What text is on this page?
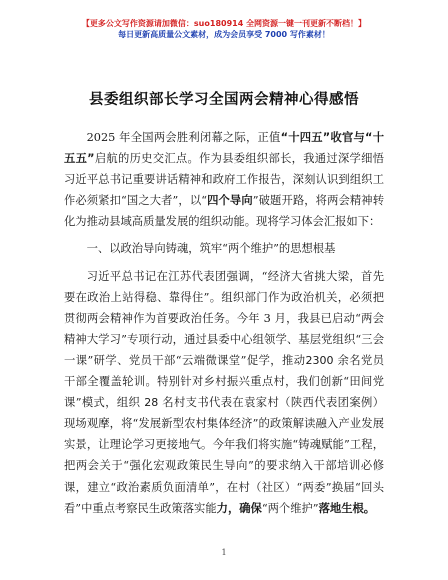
【更多公文写作资源请加微信：suo180914 全网资源一键一刊更新不断档！】
每日更新高质量公文素材，成为会员享受 7000 写作素材！
县委组织部长学习全国两会精神心得感悟

2025 年全国两会胜利闭幕之际，正值“十四五”收官与“十五五”启航的历史交汇点。作为县委组织部长，我通过深学细悟习近平总书记重要讲话精神和政府工作报告，深刻认识到组织工作必须紧扣“国之大者”，以“四个导向”破题开路，将两会精神转化为推动县域高质量发展的组织动能。现将学习体会汇报如下：

一、以政治导向铸魂，筑牢“两个维护”的思想根基

习近平总书记在江苏代表团强调，“经济大省挑大梁，首先要在政治上站得稳、靠得住”。组织部门作为政治机关，必须把贯彻两会精神作为首要政治任务。今年 3 月，我县已启动“两会精神大学习”专项行动，通过县委中心组领学、基层党组织“三会一课”研学、党员干部“云端微课堂”促学，推动2300 余名党员干部全覆盖轮训。特别针对乡村振兴重点村，我们创新“田间党课”模式，组织 28 名村支书代表在袁家村（陕西代表团案例）现场观摩，将“发展新型农村集体经济”的政策解读融入产业发展实景，让理论学习更接地气。今年我们将实施“铸魂赋能”工程，把两会关于“强化宏观政策民生导向”的要求纳入干部培训必修课，建立“政治素质负面清单”，在村（社区）“两委”换届“回头看”中重点考察民生政策落实能力，确保“两个维护”落地生根。

1
